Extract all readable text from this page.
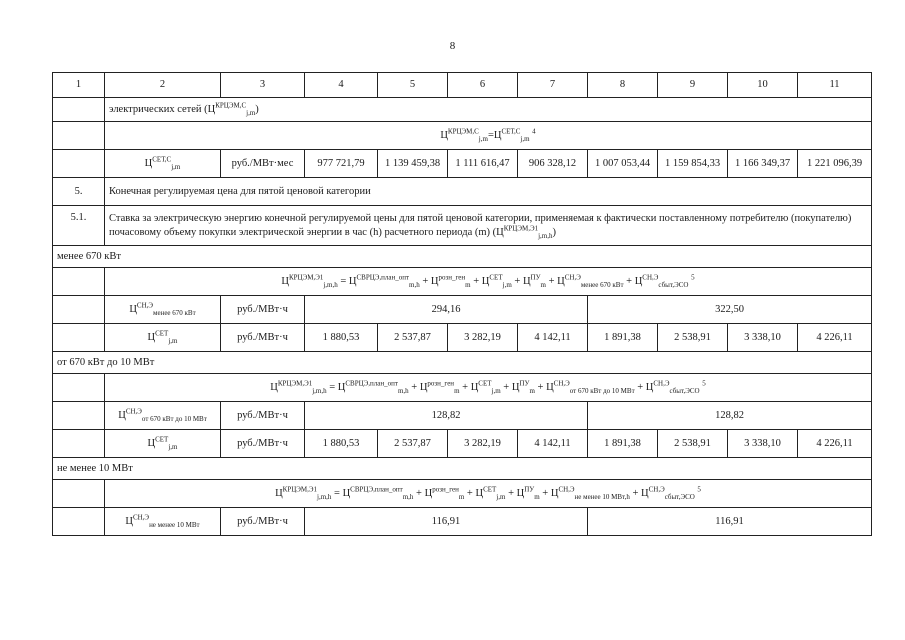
8
1	2	3	4	5	6	7	8	9	10	11
	электрических сетей $(Ц^{КРЦЭМ,С}_{j,m})$									
	$Ц^{КРЦЭМ,С}_{j,m}=Ц^{СЕТ,С}_{j,m}$ $^4$
	$Ц^{СЕТ,С}_{j,m}$	руб./МВт·мес	977 721,79	1 139 459,38	1 111 616,47	906 328,12	1 007 053,44	1 159 854,33	1 166 349,37	1 221 096,39
5.	Конечная регулируемая цена для пятой ценовой категории									
5.1.	Ставка за электрическую энергию конечной регулируемой цены для пятой ценовой категории, применяемая к фактически поставленному потребителю (покупателю) почасовому объему покупки электрической энергии в час (h) расчетного периода (m) $(Ц^{КРЦЭМ,Э1}_{j,m,h})$									
менее 670 кВт										
	$Ц^{КРЦЭМ,Э1}_{j,m,h} = Ц^{СВРЦЭ,план\_опт}_{m,h} + Ц^{розн\_ген}_m + Ц^{СЕТ}_{j,m} + Ц^{ПУ}_m + Ц^{СН,Э}_{менее 670 кВт} + Ц^{СН,Э}_{сбыт,ЭСО}$ $^5$
	$Ц^{СН,Э}_{менее 670 кВт}$	руб./МВт·ч	294,16				322,50			
	$Ц^{СЕТ}_{j,m}$	руб./МВт·ч	1 880,53	2 537,87	3 282,19	4 142,11	1 891,38	2 538,91	3 338,10	4 226,11
от 670 кВт до 10 МВт										
	$Ц^{КРЦЭМ,Э1}_{j,m,h} = Ц^{СВРЦЭ,план\_опт}_{m,h} + Ц^{розн\_ген}_m + Ц^{СЕТ}_{j,m} + Ц^{ПУ}_m + Ц^{СН,Э}_{от 670 кВт до 10 МВт} + Ц^{СН,Э}_{сбыт,ЭСО}$ $^5$
	$Ц^{СН,Э}_{от 670 кВт до 10 МВт}$	руб./МВт·ч	128,82				128,82			
	$Ц^{СЕТ}_{j,m}$	руб./МВт·ч	1 880,53	2 537,87	3 282,19	4 142,11	1 891,38	2 538,91	3 338,10	4 226,11
не менее 10 МВт										
	$Ц^{КРЦЭМ,Э1}_{j,m,h} = Ц^{СВРЦЭ,план\_опт}_{m,h} + Ц^{розн\_ген}_m + Ц^{СЕТ}_{j,m} + Ц^{ПУ}_m + Ц^{СН,Э}_{не менее 10 МВт,h} + Ц^{СН,Э}_{сбыт,ЭСО}$ $^5$
	$Ц^{СН,Э}_{не менее 10 МВт}$	руб./МВт·ч	116,91				116,91			
